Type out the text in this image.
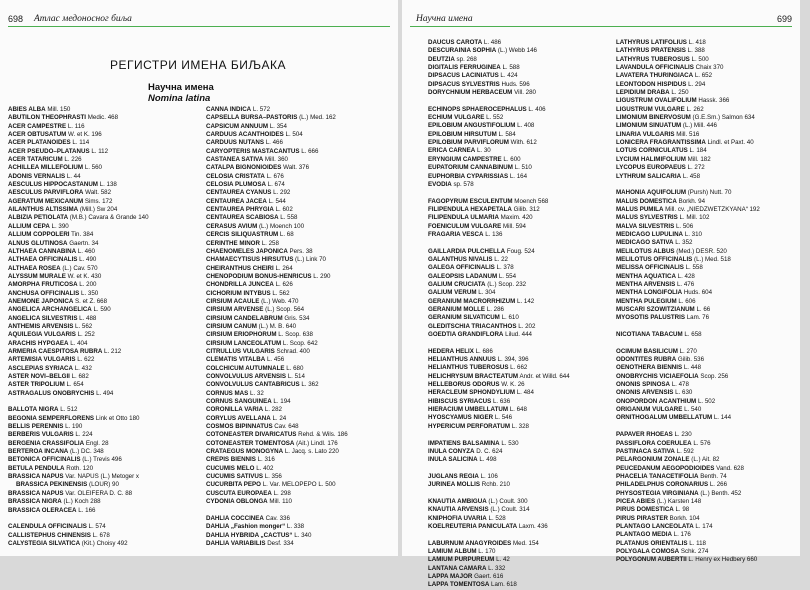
698 Атлас медоносног биља
РЕГИСТРИ ИМЕНА БИЉАКА
Научна имена
Nomina latina
ABIES ALBA Mill. 150
ABUTILON THEOPHRASTI Medic. 468
ACER CAMPESTRE L. 116
ACER OBTUSATUM W. et K. 196
ACER PLATANOIDES L. 114
ACER PSEUDO–PLATANUS L. 112
ACER TATARICUM L. 226
ACHILLEA MILLEFOLIUM L. 560
ADONIS VERNALIS L. 44
AESCULUS HIPPOCASTANUM L. 138
AESCULUS PARVIFLORA Walt. 582
AGERATUM MEXICANUM Sims. 172
AILANTHUS ALTISSIMA (Mill.) Sw 204
ALBIZIA PETIOLATA (M.B.) Cavara & Grande 140
ALLIUM CEPA L. 390
ALLIUM COPPOLERI Tin. 384
ALNUS GLUTINOSA Gaertn. 34
ALTHAEA CANNABINA L. 460
ALTHAEA OFFICINALIS L. 490
ALTHAEA ROSEA (L.) Cav. 570
ALYSSUM MURALE W. et K. 430
AMORPHA FRUTICOSA L. 200
ANCHUSA OFFICINALIS L. 350
ANEMONE JAPONICA S. et Z. 668
ANGELICA ARCHANGELICA L. 590
ANGELICA SILVESTRIS L. 488
ANTHEMIS ARVENSIS L. 562
AQUILEGIA VULGARIS L. 252
ARACHIS HYPGAEA L. 404
ARMERIA CAESPITOSA RUBRA L. 212
ARTEMISIA VULGARIS L. 622
ASCLEPIAS SYRIACA L. 432
ASTER NOVI–BELGII L. 682
ASTER TRIPOLIUM L. 654
ASTRAGALUS ONOBRYCHIS L. 494
BALLOTA NIGRA L. 512
BEGONIA SEMPERFLORENS Link et Otto 180
BELLIS PERENNIS L. 190
BERBERIS VULGARIS L. 224
BERGENIA CRASSIFOLIA Engl. 28
BERTEROA INCANA (L.) DC. 348
BETONICA OFFICINALIS (L.) Trevis 496
BETULA PENDULA Roth. 120
BRASSICA NAPUS Var. NAPUS (L.) Metoger x
BRASSICA PEKINENSIS (LOUR) 90
BRASSICA NAPUS Var. OLEIFERA D. C. 88
BRASSICA NIGRA (L.) Koch 288
BRASSICA OLERACEA L. 166
CALENDULA OFFICINALIS L. 574
CALLISTEPHUS CHINENSIS L. 678
CALYSTEGIA SILVATICA (Kit.) Choisy 492
CANNA INDICA L. 572
CAPSELLA BURSA–PASTORIS (L.) Med. 162
CAPSICUM ANNUUM L. 354
CARDUUS ACANTHOIDES L. 504
CARDUUS NUTANS L. 466
CARYOPTERIS MASTACANTUS L. 666
CASTANEA SATIVA Mill. 360
CATALPA BIGNONIOIDES Walt. 376
CELOSIA CRISTATA L. 676
CELOSIA PLUMOSA L. 674
CENTAUREA CYANUS L. 292
CENTAUREA JACEA L. 544
CENTAUREA PHRYGIA L. 602
CENTAUREA SCABIOSA L. 558
CERASUS AVIUM (L.) Moench 100
CERCIS SILIQUASTRUM L. 68
CERINTHE MINOR L. 258
CHAENOMELES JAPONICA Pers. 38
CHAMAECYTISUS HIRSUTUS (L.) Link 70
CHEIRANTHUS CHEIRI L. 264
CHENOPODIUM BONUS-HENRICUS L. 290
CHONDRILLA JUNCEA L. 626
CICHORIUM INTYBUS L. 562
CIRSIUM ACAULE (L.) Web. 470
CIRSIUM ARVENSE (L.) Scop. 564
CIRSIUM CANDELABRUM Gris. 534
CIRSIUM CANUM (L.) M. B. 640
CIRSIUM ERIOPHORUM L. Scop. 638
CIRSIUM LANCEOLATUM L. Scop. 642
CITRULLUS VULGARIS Schrad. 400
CLEMATIS VITALBA L. 456
COLCHICUM AUTUMNALE L. 680
CONVOLVULUS ARVENSIS L. 514
CONVOLVULUS CANTABRICUS L. 362
CORNUS MAS L. 32
CORNUS SANGUINEA L. 194
CORONILLA VARIA L. 282
CORYLUS AVELLANA L. 24
COSMOS BIPINNATUS Cav. 648
COTONEASTER DIVARICATUS Rehd. & Wils. 186
COTONEASTER TOMENTOSA (Ait.) Lindl. 176
CRATAEGUS MONOGYNA L. Jacq. s. Lato 220
CREPIS BIENNIS L. 316
CUCUMIS MELO L. 402
CUCUMIS SATIVUS L. 356
CUCURBITA PEPO L. Var. MELOPEPO L. 500
CUSCUTA EUROPAEA L. 298
CYDONIA OBLONGA Mill. 110
DAHLIA COCCINEA Cav. 336
DAHLIA „Fashion monger“ L. 338
DAHLIA HYBRIDA „CACTUS“ L. 340
DAHLIA VARIABILIS Desf. 334
Научна имена	699
DAUCUS CAROTA L. 486
DESCURAINIA SOPHIA (L.) Webb 146
DEUTZIA sp. 268
DIGITALIS FERRUGINEA L. 588
DIPSACUS LACINIATUS L. 424
DIPSACUS SYLVESTRIS Huds. 596
DORYCHNIUM HERBACEUM Vill. 280
ECHINOPS SPHAEROCEPHALUS L. 406
ECHIUM VULGARE L. 552
EPILOBIUM ANGUSTIFOLIUM L. 408
EPILOBIUM HIRSUTUM L. 584
EPILOBIUM PARVIFLORUM With. 612
ERICA CARNEA L. 30
ERYNGIUM CAMPESTRE L. 600
EUPATORIUM CANNABINUM L. 510
EUPHORBIA CYPARISSIAS L. 164
EVODIA sp. 578
FAGOPYRUM ESCULENTUM Moench 568
FILIPENDULA HEXAPETALA Gilib. 312
FILIPENDULA ULMARIA Maxim. 420
FOENICULUM VULGARE Mill. 594
FRAGARIA VESCA L. 136
GAILLARDIA PULCHELLA Foug. 524
GALANTHUS NIVALIS L. 22
GALEGA OFFICINALIS L. 378
GALEOPSIS LADANUM L. 554
GALIUM CRUCIATA (L.) Scop. 232
GALIUM VERUM L. 304
GERANIUM MACRORRHIZUM L. 142
GERANIUM MOLLE L. 286
GERANIUM SILVATICUM L. 610
GLEDITSCHIA TRIACANTHOS L. 202
GOEDTIA GRANDIFLORA Lilud. 444
HEDERA HELIX L. 686
HELIANTHUS ANNUUS L. 394, 396
HELIANTHUS TUBEROSUS L. 662
HELICHRYSUM BRACTEATUM Andr. et Willd. 644
HELLEBORUS ODORUS W. K. 26
HERACLEUM SPHONDYLIUM L. 484
HIBISCUS SYRIACUS L. 636
HIERACIUM UMBELLATUM L. 648
HYOSCYAMUS NIGER L. 546
HYPERICUM PERFORATUM L. 328
IMPATIENS BALSAMINA L. 530
INULA CONYZA D. C. 624
INULA SALICINA L. 498
JUGLANS REGIA L. 106
JURINEA MOLLIS Rchb. 210
KNAUTIA AMBIGUA (L.) Coult. 300
KNAUTIA ARVENSIS (L.) Coult. 314
KNIPHOFIA UVARIA L. 528
KOELREUTERIA PANICULATA Laxm. 436
LABURNUM ANAGYROIDES Med. 154
LAMIUM ALBUM L. 170
LAMIUM PURPUREUM L. 42
LANTANA CAMARA L. 332
LAPPA MAJOR Gaert. 616
LAPPA TOMENTOSA Lam. 618
LATHYRUS LATIFOLIUS L. 418
LATHYRUS PRATENSIS L. 388
LATHYRUS TUBEROSUS L. 500
LAVANDULA OFFICINALIS Chaix 370
LAVATERA THURINGIACA L. 652
LEONTODON HISPIDUS L. 294
LEPIDIUM DRABA L. 250
LIGUSTRUM OVALIFOLIUM Hassk. 366
LIGUSTRUM VULGARE L. 262
LIMONIUM BINERVOSUM (G.E.Sm.) Salmon 634
LIMONIUM SINUATUM (L.) Mill. 446
LINARIA VULGARIS Mill. 516
LONICERA FRAGRANTISSIMA Lindl. et Paxt. 40
LOTUS CORNICULATUS L. 184
LYCIUM HALIMIFOLIUM Mill. 182
LYCOPUS EUROPAEUS L. 272
LYTHRUM SALICARIA L. 458
MAHONIA AQUIFOLIUM (Pursh) Nutt. 70
MALUS DOMESTICA Borkh. 94
MALUS PUMILA Mill. cv. „NIEDZWETZKYANA“ 192
MALUS SYLVESTRIS L. Mill. 102
MALVA SILVESTRIS L. 506
MEDICAGO LUPULINA L. 310
MEDICAGO SATIVA L. 352
MELILOTUS ALBUS (Med.) DESR. 520
MELILOTUS OFFICINALIS (L.) Med. 518
MELISSA OFFICINALIS L. 558
MENTHA AQUATICA L. 428
MENTHA ARVENSIS L. 476
MENTHA LONGIFOLIA Huds. 604
MENTHA PULEGIUM L. 606
MUSCARI SZOWITZIANUM L. 66
MYOSOTIS PALUSTRIS Lam. 76
NICOTIANA TABACUM L. 658
OCIMUM BASILICUM L. 270
ODONTITES RUBRA Gilib. 536
OENOTHERA BIENNIS L. 448
ONOBRYCHIS VICIAEFOLIA Scop. 256
ONONIS SPINOSA L. 478
ONONIS ARVENSIS L. 630
ONOPORDON ACANTHIUM L. 502
ORIGANUM VULGARE L. 540
ORNITHOGALUM UMBELLATUM L. 144
PAPAVER RHOEAS L. 230
PASSIFLORA COERULEA L. 576
PASTINACA SATIVA L. 592
PELARGONIUM ZONALE (L.) Ait. 82
PEUCEDANUM AEGOPODIOIDES Vand. 628
PHACELIA TANACETIFOLIA Benth. 74
PHILADELPHUS CORONARIUS L. 266
PHYSOSTEGIA VIRGINIANA (L.) Benth. 452
PICEA ABIES (L.) Karsten 148
PIRUS DOMESTICA L. 98
PIRUS PIRASTER Borkh. 104
PLANTAGO LANCEOLATA L. 174
PLANTAGO MEDIA L. 176
PLATANUS ORIENTALIS L. 118
POLYGALA COMOSA Schk. 274
POLYGONUM AUBERTII L. Henry ex Hedbery 660
